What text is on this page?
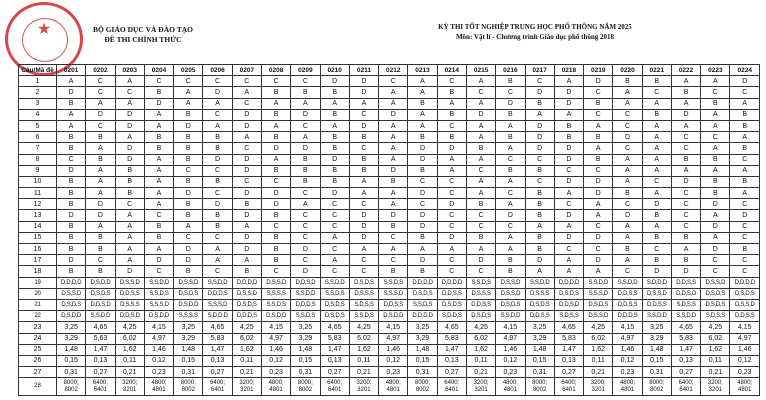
★	BỘ GIÁO DỤC VÀ ĐÀO TẠO
ĐỀ THI CHÍNH THỨC
KỲ THI TỐT NGHIỆP TRUNG HỌC PHỔ THÔNG NĂM 2025
Môn: Vật lí - Chương trình Giáo dục phổ thông 2018
Câu/Mã đề	0201	0202	0203	0204	0205	0206	0207	0208	0209	0210	0211	0212	0213	0214	0215	0216	0217	0218	0219	0220	0221	0222	0223	0224
1	A	C	A	C	C	C	C	C	C	D	D	C	A	C	A	B	C	A	D	B	B	A	A	D
2	D	C	C	B	A	D	A	B	B	B	D	A	A	B	C	C	D	D	C	A	C	B	C	C
3	B	A	A	D	A	A	C	A	A	A	A	A	B	A	A	D	B	D	B	A	A	A	B	A
4	A	D	D	A	B	C	D	B	D	B	C	D	A	B	D	B	A	A	C	C	B	D	A	B
5	A	C	D	A	D	A	D	A	C	A	D	A	A	C	A	A	D	B	A	C	A	A	A	B
6	B	B	A	B	B	B	A	B	A	B	B	A	B	B	A	B	D	B	B	D	A	C	C	A
7	B	A	D	B	B	B	C	D	D	B	C	A	D	D	B	A	D	D	A	C	A	C	A	B
8	C	B	D	A	B	D	D	A	B	D	B	A	D	A	A	C	C	D	B	A	A	B	B	C
9	D	A	B	A	C	C	D	B	B	B	B	D	B	A	C	B	B	C	C	A	A	A	A	A
10	B	A	B	A	B	B	C	C	B	B	A	B	C	C	A	A	C	D	D	A	C	D	B	B
11	B	A	B	A	D	C	D	D	C	D	A	A	D	C	A	C	B	A	D	B	A	C	B	A
12	B	D	C	A	B	D	B	D	A	C	C	A	C	D	B	A	B	C	A	C	D	C	D	C
13	D	D	A	C	B	B	D	B	C	C	D	D	D	C	C	D	B	D	A	D	B	C	A	D
14	B	A	A	B	A	B	A	C	C	C	D	B	D	C	C	C	A	A	C	A	A	C	D	C
15	B	B	A	B	C	C	D	B	C	A	D	C	B	D	B	A	B	D	D	A	B	B	A	C
16	B	B	A	A	D	A	D	B	D	C	A	A	A	A	A	A	B	C	C	B	C	A	D	B
17	D	C	A	D	D	A	A	B	C	A	C	C	D	C	D	B	D	A	D	A	B	B	C	C
18	B	B	D	C	B	C	B	C	D	C	C	B	B	C	C	B	A	A	A	C	D	D	C	C
19	D,D,D,D	D,S,D,D	D,S,S,D	S,S,D,D	D,S,S,D	S,S,D,D	D,D,D,D	D,S,S,D	D,D,S,D	S,S,D,D	D,S,D,S	S,S,D,S	D,D,D,D	D,D,D,D	S,S,D,S	D,S,S,D	S,S,D,D	D,D,D,D	S,S,D,D	S,S,D,D	S,D,D,D	D,D,S,S	D,S,S,D	D,D,D,D
20	D,S,S,D	D,S,D,S	D,D,S,S	S,S,D,S	D,S,D,S	D,D,D,S	D,S,S,D	S,S,S,S	S,S,D,D	S,S,D,S	D,S,S,S	S,S,S,D	D,S,D,S	D,D,S,S	D,S,S,S	D,S,S,D	D,S,S,S	D,S,D,S	S,S,S,D	D,D,S,S	D,S,S,D	D,D,S,D	D,S,D,S	D,S,D,S
21	D,S,D,S	D,D,S,D	D,S,S,S	S,S,S,D	D,S,D,D	S,S,S,D	D,S,D,S	S,S,D,S	D,D,D,S	D,S,D,S	S,D,S,S	D,D,S,S	S,S,D,S	D,S,D,S	D,D,S,S	D,S,D,S	D,S,D,S	D,D,S,D	D,S,D,S	D,D,S,S	D,D,S,S	S,D,S,S	D,S,D,S	D,S,S,D
22	D,S,D,D	S,S,D,D	D,D,S,D	D,S,D,D	S,S,S,S	S,D,D,D	D,D,D,S	D,S,D,D	S,S,D,S	D,S,D,S	S,S,D,S	D,S,D,D	D,D,D,D	S,D,D,S	D,S,D,S	S,S,D,D	D,D,S,S	S,D,S,S	D,S,S,D	D,D,D,S	S,S,D,D	S,S,D,D	S,D,S,S	D,D,S,S
23	3,25	4,65	4,25	4,15	3,25	4,65	4,25	4,15	3,25	4,65	4,25	4,15	3,25	4,65	4,25	4,15	3,25	4,65	4,25	4,15	3,25	4,65	4,25	4,15
24	3,29	5,63	6,02	4,97	3,29	5,83	6,02	4,97	3,29	5,83	6,02	4,97	3,29	5,83	6,02	4,97	3,29	5,83	6,02	4,97	3,29	5,83	6,02	4,97
25	1,48	1,47	1,62	1,46	1,48	1,47	1,62	1,46	1,48	1,47	1,62	1,46	1,48	1,47	1,62	1,46	1,48	1,47	1,62	1,46	1,48	1,47	1,62	1,46
26	0,15	0,13	0,11	0,12	0,15	0,13	0,11	0,12	0,15	0,13	0,11	0,12	0,15	0,13	0,11	0,12	0,15	0,13	0,11	0,12	0,15	0,13	0,11	0,12
27	0,31	0,27	0,21	0,23	0,31	0,27	0,21	0,23	0,31	0,27	0,21	0,23	0,31	0,27	0,21	0,23	0,31	0,27	0,21	0,23	0,31	0,27	0,21	0,23
28	8000; 8002	6400; 6401	3200; 3201	4800; 4801	8000; 8002	6400; 6401	3200; 3201	4800; 4801	8000; 8002	6400; 6401	3200; 3201	4800; 4801	8000; 8002	6400; 6401	3200; 3201	4800; 4801	8000; 8002	6400; 6401	3200; 3201	4800; 4801	8000; 8002	6400; 6401	3200; 3201	4800; 4801
